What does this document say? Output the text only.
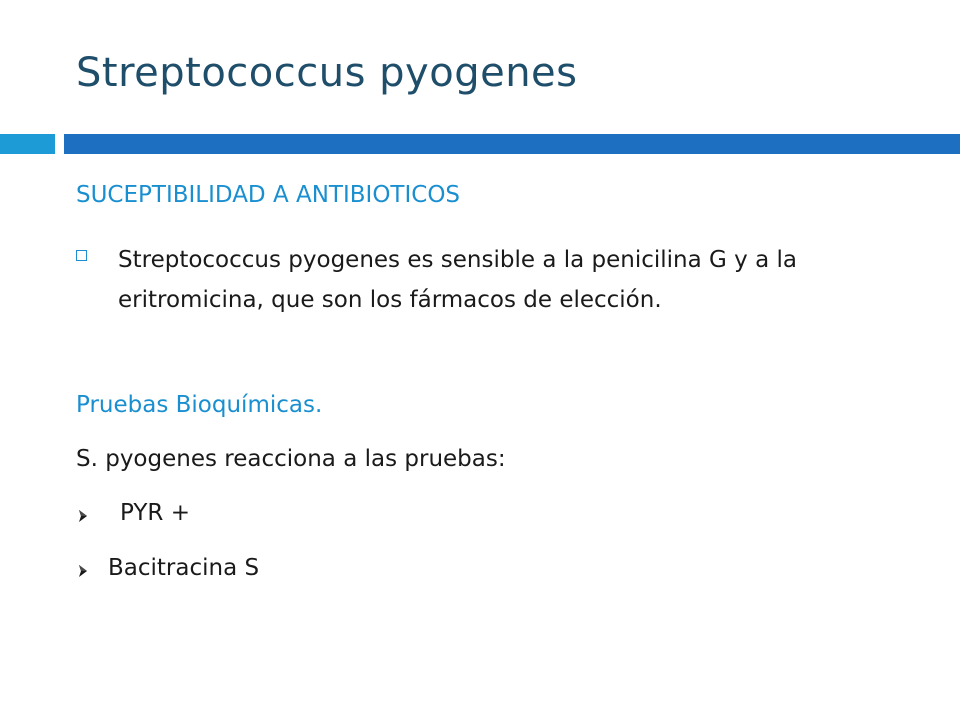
Streptococcus pyogenes
SUCEPTIBILIDAD A ANTIBIOTICOS
Streptococcus pyogenes es sensible a la penicilina G y a la eritromicina, que son los fármacos de elección.
Pruebas Bioquímicas.
S. pyogenes reacciona a las pruebas:
PYR +
Bacitracina S
